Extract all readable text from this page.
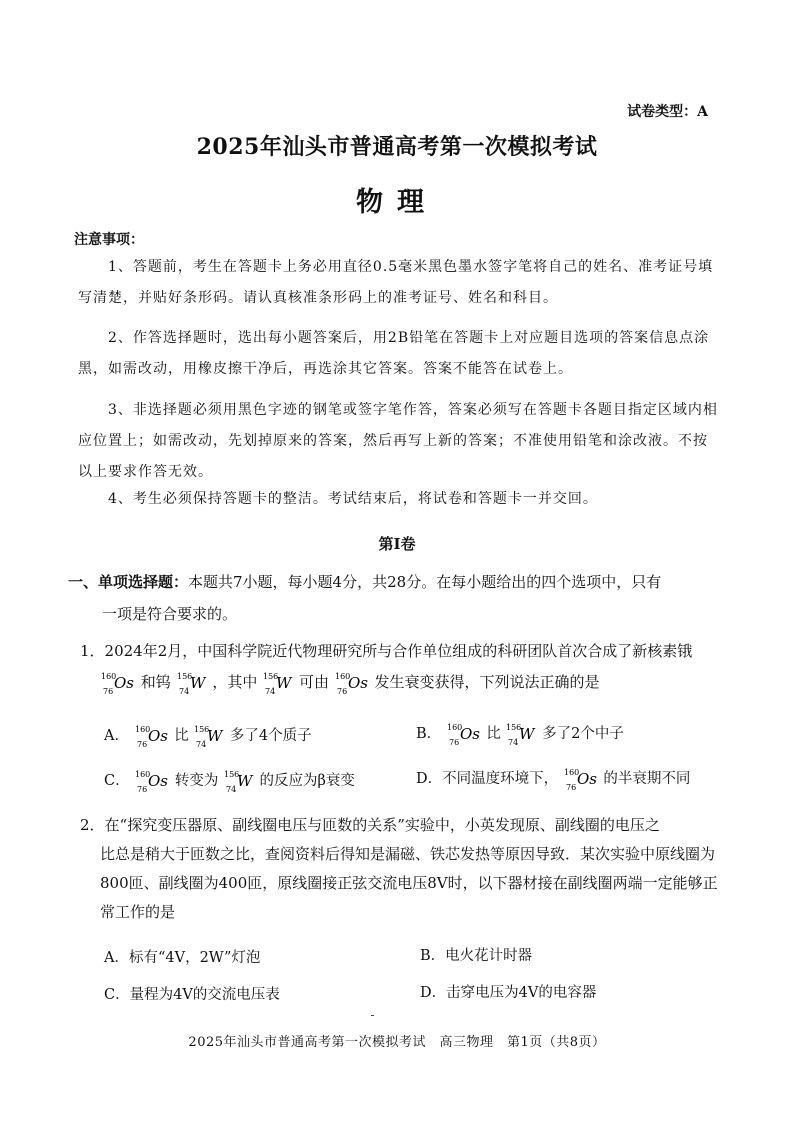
试卷类型：A
2025年汕头市普通高考第一次模拟考试
物理
注意事项：
1、答题前，考生在答题卡上务必用直径0.5毫米黑色墨水签字笔将自己的姓名、准考证号填写清楚，并贴好条形码。请认真核准条形码上的准考证号、姓名和科目。
2、作答选择题时，选出每小题答案后，用2B铅笔在答题卡上对应题目选项的答案信息点涂黑，如需改动，用橡皮擦干净后，再选涂其它答案。答案不能答在试卷上。
3、非选择题必须用黑色字迹的钢笔或签字笔作答，答案必须写在答题卡各题目指定区域内相应位置上；如需改动，先划掉原来的答案，然后再写上新的答案；不准使用铅笔和涂改液。不按以上要求作答无效。
4、考生必须保持答题卡的整洁。考试结束后，将试卷和答题卡一并交回。
第Ⅰ卷
一、单项选择题：本题共7小题，每小题4分，共28分。在每小题给出的四个选项中，只有
一项是符合要求的。
1．2024年2月，中国科学院近代物理研究所与合作单位组成的科研团队首次合成了新核素锇
160
76 Os 和钨 156
74 W ，其中 156
74 W 可由 160
76 Os 发生衰变获得，下列说法正确的是
A． 160
76 Os 比 156
74 W 多了4个质子	B． 160
76 Os 比 156
74 W 多了2个中子
C． 160
76 Os 转变为 156
74 W 的反应为β衰变	D．不同温度环境下， 160
76 Os 的半衰期不同
2．在“探究变压器原、副线圈电压与匝数的关系”实验中，小英发现原、副线圈的电压之
比总是稍大于匝数之比，查阅资料后得知是漏磁、铁芯发热等原因导致．某次实验中原线圈为800匝、副线圈为400匝，原线圈接正弦交流电压8V时，以下器材接在副线圈两端一定能够正常工作的是
A．标有“4V，2W”灯泡	B．电火花计时器
C．量程为4V的交流电压表	D．击穿电压为4V的电容器
2025年汕头市普通高考第一次模拟考试　高三物理　第1页（共8页）
